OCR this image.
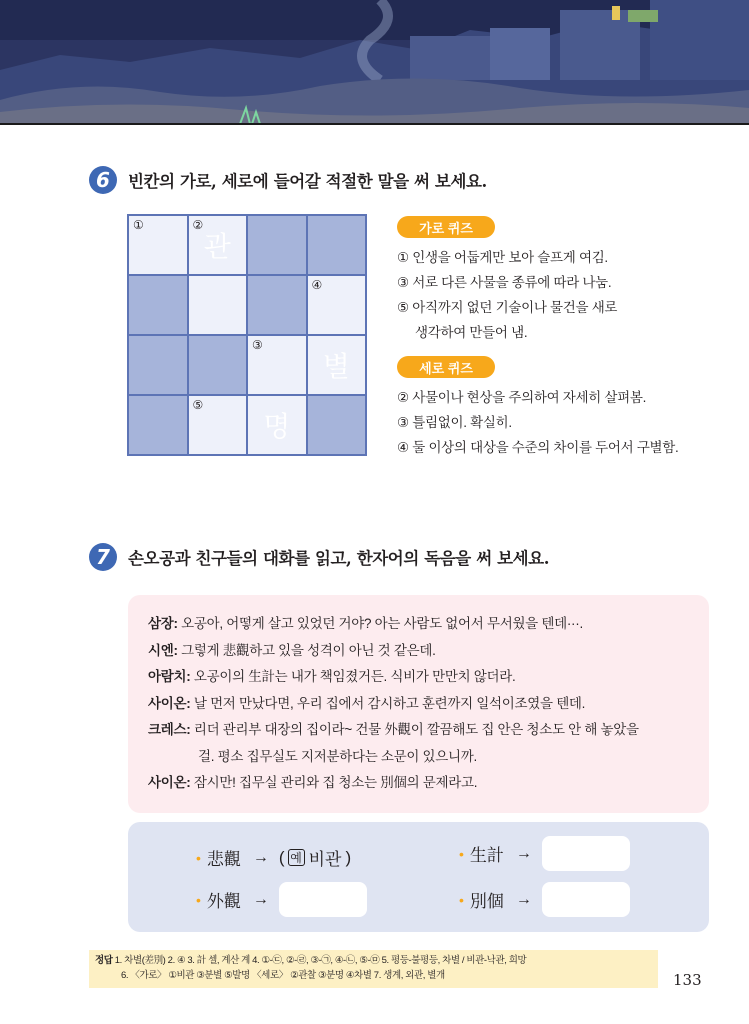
6	빈칸의 가로, 세로에 들어갈 적절한 말을 써 보세요.
①	②
관
④
③
별
⑤
명
가로 퀴즈
① 인생을 어둡게만 보아 슬프게 여김.
③ 서로 다른 사물을 종류에 따라 나눔.
⑤ 아직까지 없던 기술이나 물건을 새로
생각하여 만들어 냄.
세로 퀴즈
② 사물이나 현상을 주의하여 자세히 살펴봄.
③ 틀림없이. 확실히.
④ 둘 이상의 대상을 수준의 차이를 두어서 구별함.
7	손오공과 친구들의 대화를 읽고, 한자어의 독음을 써 보세요.
삼장: 오공아, 어떻게 살고 있었던 거야? 아는 사람도 없어서 무서웠을 텐데···.
시엔: 그렇게 悲觀하고 있을 성격이 아닌 것 같은데.
아람치: 오공이의 生計는 내가 책임졌거든. 식비가 만만치 않더라.
사이온: 날 먼저 만났다면, 우리 집에서 감시하고 훈련까지 일석이조였을 텐데.
크레스: 리더 관리부 대장의 집이라~ 건물 外觀이 깔끔해도 집 안은 청소도 안 해 놓았을
걸. 평소 집무실도 지저분하다는 소문이 있으니까.
사이온: 잠시만! 집무실 관리와 집 청소는 別個의 문제라고.
• 悲觀 → ( 예 비관 )	• 生計 →
• 外觀 →	• 別個 →
정답 1. 차별(差別) 2. ④ 3. 計 셀, 계산 계 4. ①-㉢, ②-㉣, ③-㉠, ④-㉡, ⑤-㉤ 5. 평등-불평등, 차별 / 비관-낙관, 희망
6. 〈가로〉 ①비관 ③분별 ⑤발명 〈세로〉 ②관찰 ③분명 ④차별 7. 생계, 외관, 별개	133
